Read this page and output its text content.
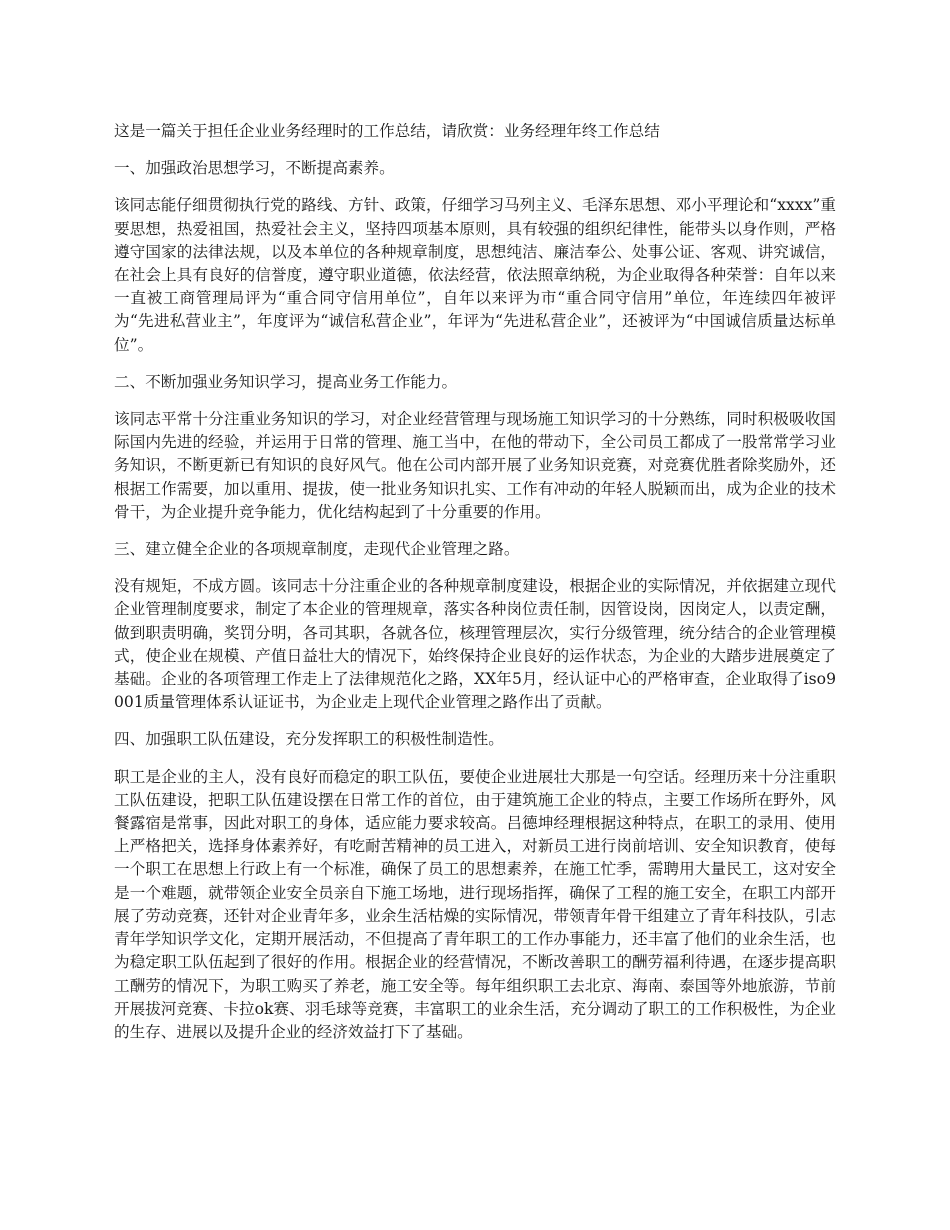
这是一篇关于担任企业业务经理时的工作总结，请欣赏：业务经理年终工作总结

一、加强政治思想学习，不断提高素养。

该同志能仔细贯彻执行党的路线、方针、政策，仔细学习马列主义、毛泽东思想、邓小平理论和“xxxx”重要思想，热爱祖国，热爱社会主义，坚持四项基本原则，具有较强的组织纪律性，能带头以身作则，严格遵守国家的法律法规，以及本单位的各种规章制度，思想纯洁、廉洁奉公、处事公证、客观、讲究诚信，在社会上具有良好的信誉度，遵守职业道德，依法经营，依法照章纳税，为企业取得各种荣誉：自年以来一直被工商管理局评为“重合同守信用单位”，自年以来评为市“重合同守信用”单位，年连续四年被评为“先进私营业主”，年度评为“诚信私营企业”，年评为“先进私营企业”，还被评为“中国诚信质量达标单位”。

二、不断加强业务知识学习，提高业务工作能力。

该同志平常十分注重业务知识的学习，对企业经营管理与现场施工知识学习的十分熟练，同时积极吸收国际国内先进的经验，并运用于日常的管理、施工当中，在他的带动下，全公司员工都成了一股常常学习业务知识，不断更新已有知识的良好风气。他在公司内部开展了业务知识竞赛，对竞赛优胜者除奖励外，还根据工作需要，加以重用、提拔，使一批业务知识扎实、工作有冲动的年轻人脱颖而出，成为企业的技术骨干，为企业提升竞争能力，优化结构起到了十分重要的作用。

三、建立健全企业的各项规章制度，走现代企业管理之路。

没有规矩，不成方圆。该同志十分注重企业的各种规章制度建设，根据企业的实际情况，并依据建立现代企业管理制度要求，制定了本企业的管理规章，落实各种岗位责任制，因管设岗，因岗定人，以责定酬，做到职责明确，奖罚分明，各司其职，各就各位，核理管理层次，实行分级管理，统分结合的企业管理模式，使企业在规模、产值日益壮大的情况下，始终保持企业良好的运作状态，为企业的大踏步进展奠定了基础。企业的各项管理工作走上了法律规范化之路，XX年5月，经认证中心的严格审查，企业取得了iso9001质量管理体系认证证书，为企业走上现代企业管理之路作出了贡献。

四、加强职工队伍建设，充分发挥职工的积极性制造性。

职工是企业的主人，没有良好而稳定的职工队伍，要使企业进展壮大那是一句空话。经理历来十分注重职工队伍建设，把职工队伍建设摆在日常工作的首位，由于建筑施工企业的特点，主要工作场所在野外，风餐露宿是常事，因此对职工的身体，适应能力要求较高。吕德坤经理根据这种特点，在职工的录用、使用上严格把关，选择身体素养好，有吃耐苦精神的员工进入，对新员工进行岗前培训、安全知识教育，使每一个职工在思想上行政上有一个标准，确保了员工的思想素养，在施工忙季，需聘用大量民工，这对安全是一个难题，就带领企业安全员亲自下施工场地，进行现场指挥，确保了工程的施工安全，在职工内部开展了劳动竞赛，还针对企业青年多，业余生活枯燥的实际情况，带领青年骨干组建立了青年科技队，引志青年学知识学文化，定期开展活动，不但提高了青年职工的工作办事能力，还丰富了他们的业余生活，也为稳定职工队伍起到了很好的作用。根据企业的经营情况，不断改善职工的酬劳福利待遇，在逐步提高职工酬劳的情况下，为职工购买了养老，施工安全等。每年组织职工去北京、海南、泰国等外地旅游，节前开展拔河竞赛、卡拉ok赛、羽毛球等竞赛，丰富职工的业余生活，充分调动了职工的工作积极性，为企业的生存、进展以及提升企业的经济效益打下了基础。
